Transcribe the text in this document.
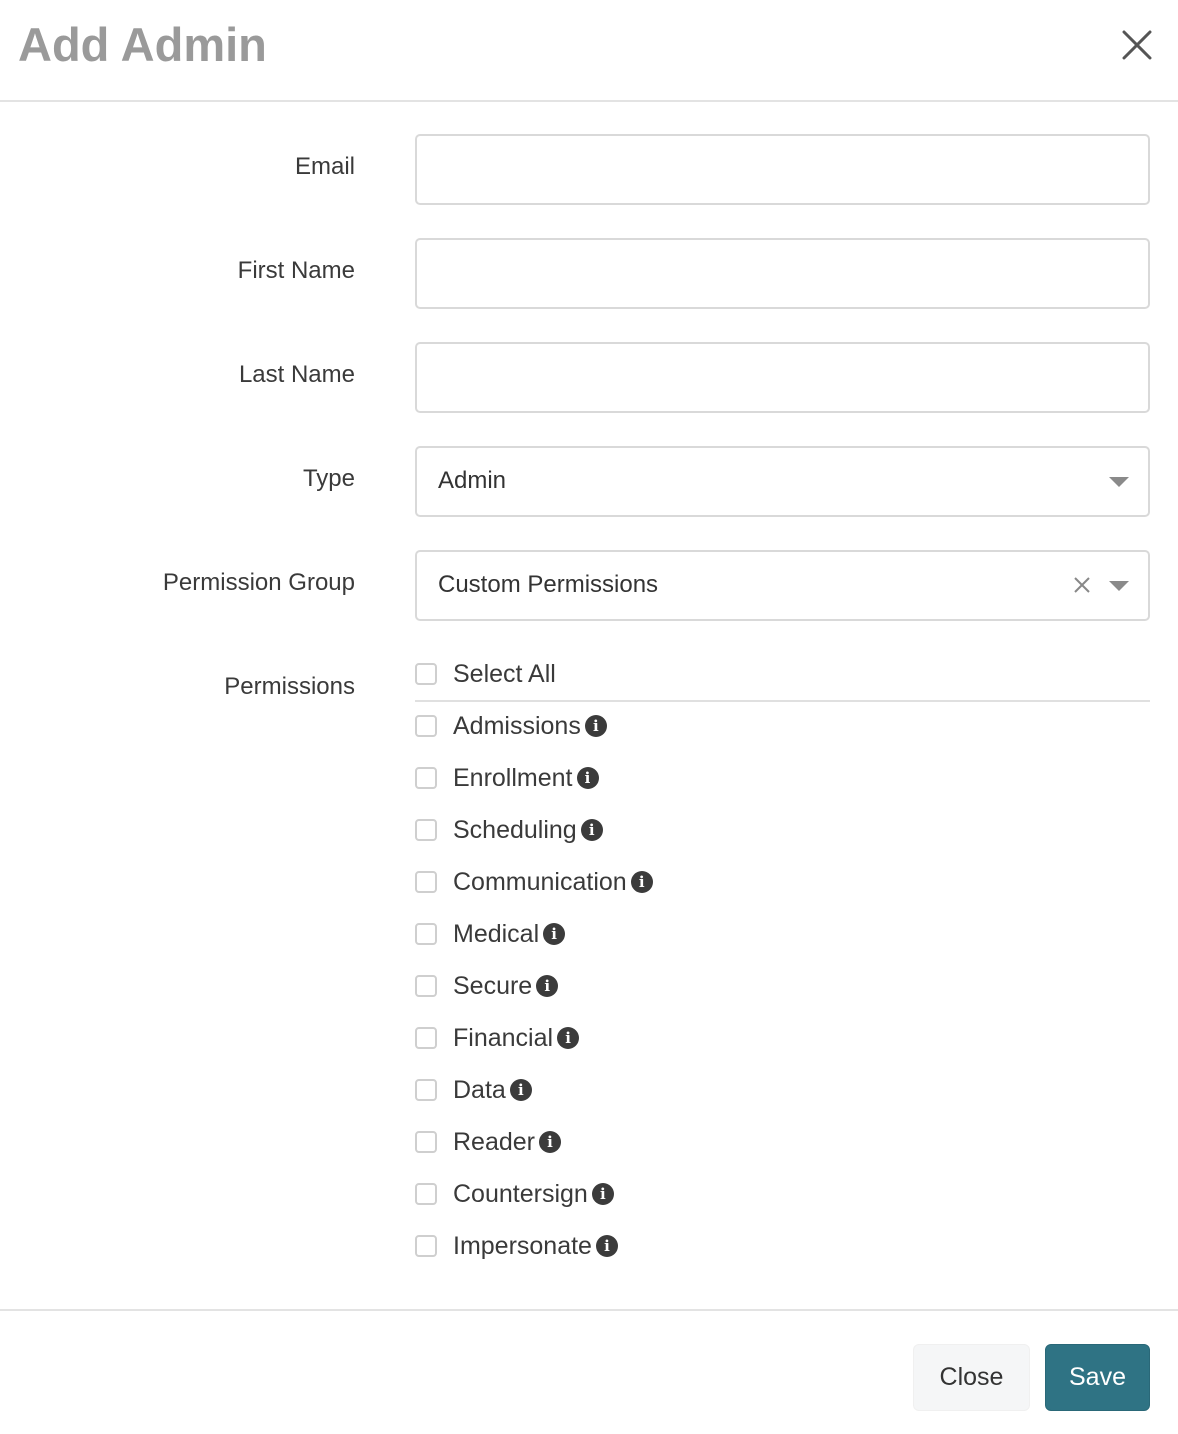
Add Admin
Email
First Name
Last Name
Type	Admin
Permission Group	Custom Permissions
Permissions	Select All
Admissions i
Enrollment i
Scheduling i
Communication i
Medical i
Secure i
Financial i
Data i
Reader i
Countersign i
Impersonate i
Close	Save
